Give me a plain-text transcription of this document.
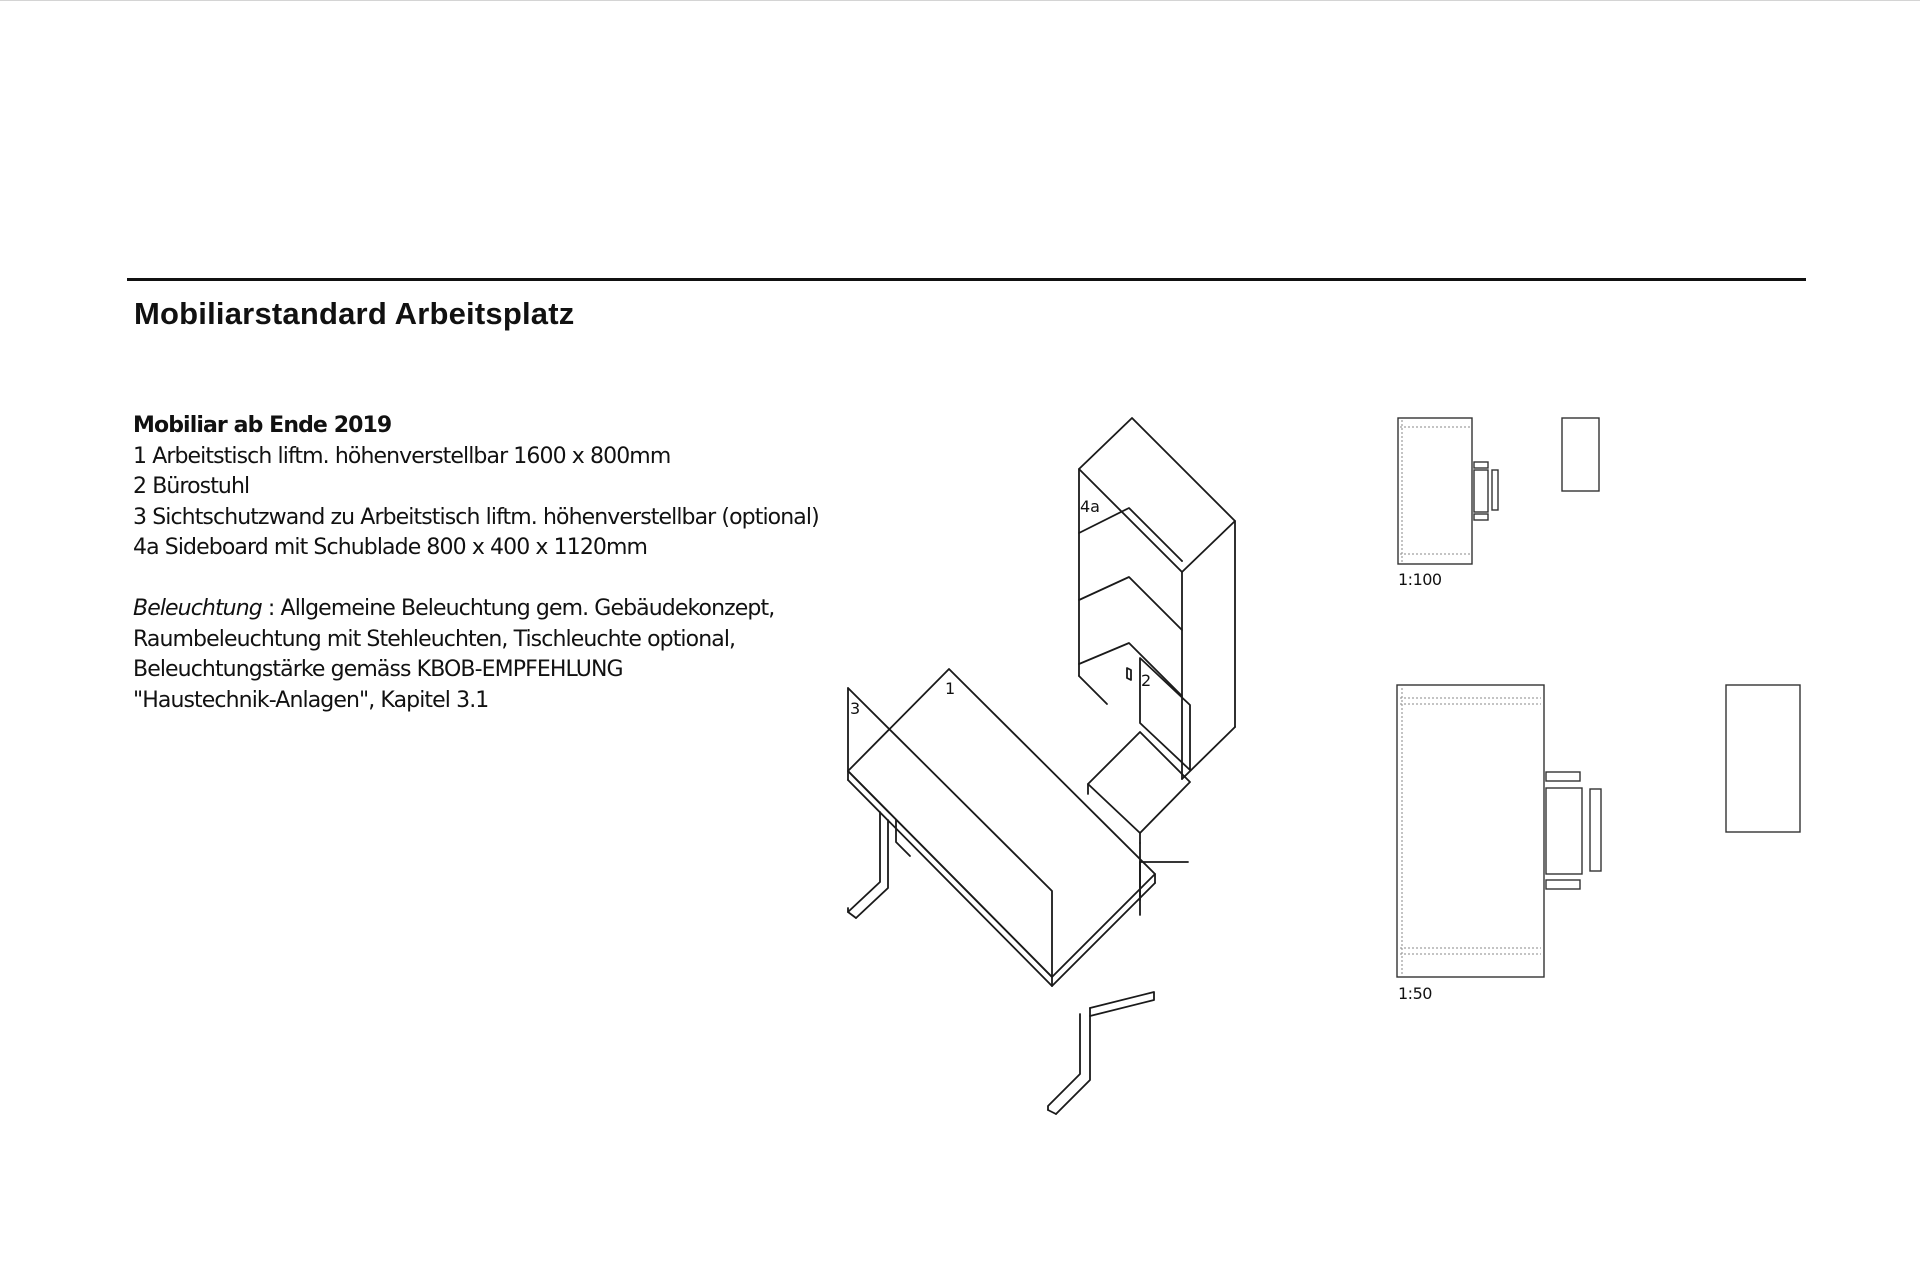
Mobiliarstandard Arbeitsplatz
Mobiliar ab Ende 2019
1 Arbeitstisch liftm. höhenverstellbar 1600 x 800mm
2 Bürostuhl
3 Sichtschutzwand zu Arbeitstisch liftm. höhenverstellbar (optional)
4a Sideboard mit Schublade 800 x 400 x 1120mm
Beleuchtung : Allgemeine Beleuchtung gem. Gebäudekonzept,
Raumbeleuchtung mit Stehleuchten, Tischleuchte optional,
Beleuchtungstärke gemäss KBOB-EMPFEHLUNG
"Haustechnik-Anlagen", Kapitel 3.1
4a
1	2
3
1:100
1:50
